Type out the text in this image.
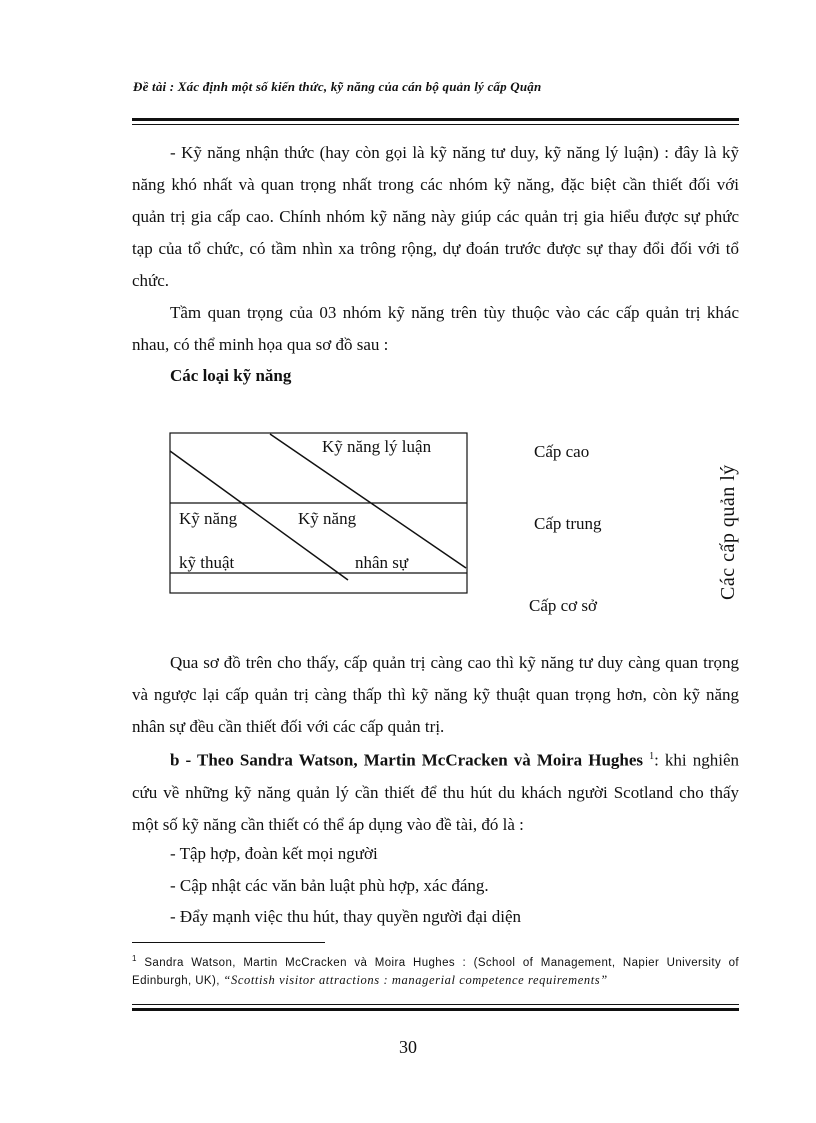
Đề tài : Xác định một số kiến thức, kỹ năng của cán bộ quản lý cấp Quận

- Kỹ năng nhận thức (hay còn gọi là kỹ năng tư duy, kỹ năng lý luận) : đây là kỹ năng khó nhất và quan trọng nhất trong các nhóm kỹ năng, đặc biệt cần thiết đối với quản trị gia cấp cao. Chính nhóm kỹ năng này giúp các quản trị gia hiểu được sự phức tạp của tổ chức, có tầm nhìn xa trông rộng, dự đoán trước được sự thay đổi đối với tổ chức.

Tầm quan trọng của 03 nhóm kỹ năng trên tùy thuộc vào các cấp quản trị khác nhau, có thể minh họa qua sơ đồ sau :

Các loại kỹ năng
Kỹ năng lý luận
Kỹ năng	Kỹ năng
kỹ thuật	nhân sự
Cấp cao
Cấp trung
Cấp cơ sở
Các cấp quản lý

Qua sơ đồ trên cho thấy, cấp quản trị càng cao thì kỹ năng tư duy càng quan trọng và ngược lại cấp quản trị càng thấp thì kỹ năng kỹ thuật quan trọng hơn, còn kỹ năng nhân sự đều cần thiết đối với các cấp quản trị.

b - Theo Sandra Watson, Martin McCracken và Moira Hughes $^1$: khi nghiên cứu về những kỹ năng quản lý cần thiết để thu hút du khách người Scotland cho thấy một số kỹ năng cần thiết có thể áp dụng vào đề tài, đó là :

- Tập hợp, đoàn kết mọi người
- Cập nhật các văn bản luật phù hợp, xác đáng.
- Đẩy mạnh việc thu hút, thay quyền người đại diện
$^1$ Sandra Watson, Martin McCracken và Moira Hughes : (School of Management, Napier University of Edinburgh, UK), “Scottish visitor attractions : managerial competence requirements”
30
